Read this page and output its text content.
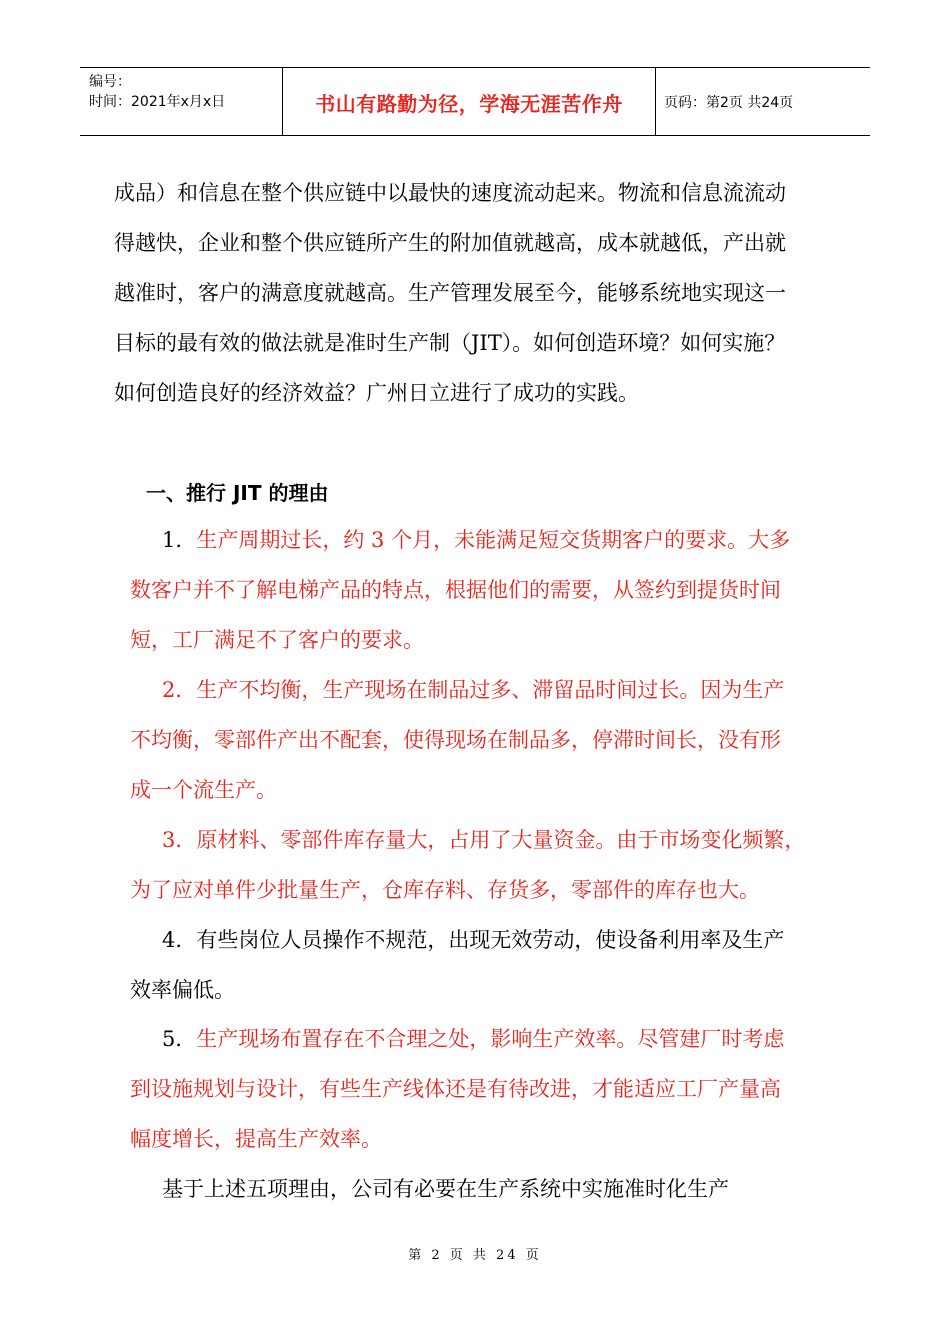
编号：
时间：2021年x月x日	书山有路勤为径，学海无涯苦作舟	页码：第2页 共24页
成品）和信息在整个供应链中以最快的速度流动起来。物流和信息流流动
得越快，企业和整个供应链所产生的附加值就越高，成本就越低，产出就
越准时，客户的满意度就越高。生产管理发展至今，能够系统地实现这一
目标的最有效的做法就是准时生产制（JIT）。如何创造环境？如何实施？
如何创造良好的经济效益？广州日立进行了成功的实践。
一、推行 JIT 的理由
1．生产周期过长，约 3 个月，未能满足短交货期客户的要求。大多
数客户并不了解电梯产品的特点，根据他们的需要，从签约到提货时间
短，工厂满足不了客户的要求。
2．生产不均衡，生产现场在制品过多、滞留品时间过长。因为生产
不均衡，零部件产出不配套，使得现场在制品多，停滞时间长，没有形
成一个流生产。
3．原材料、零部件库存量大，占用了大量资金。由于市场变化频繁，
为了应对单件少批量生产，仓库存料、存货多，零部件的库存也大。
4．有些岗位人员操作不规范，出现无效劳动，使设备利用率及生产
效率偏低。
5．生产现场布置存在不合理之处，影响生产效率。尽管建厂时考虑
到设施规划与设计，有些生产线体还是有待改进，才能适应工厂产量高
幅度增长，提高生产效率。
基于上述五项理由，公司有必要在生产系统中实施准时化生产
第 2 页 共 24 页
